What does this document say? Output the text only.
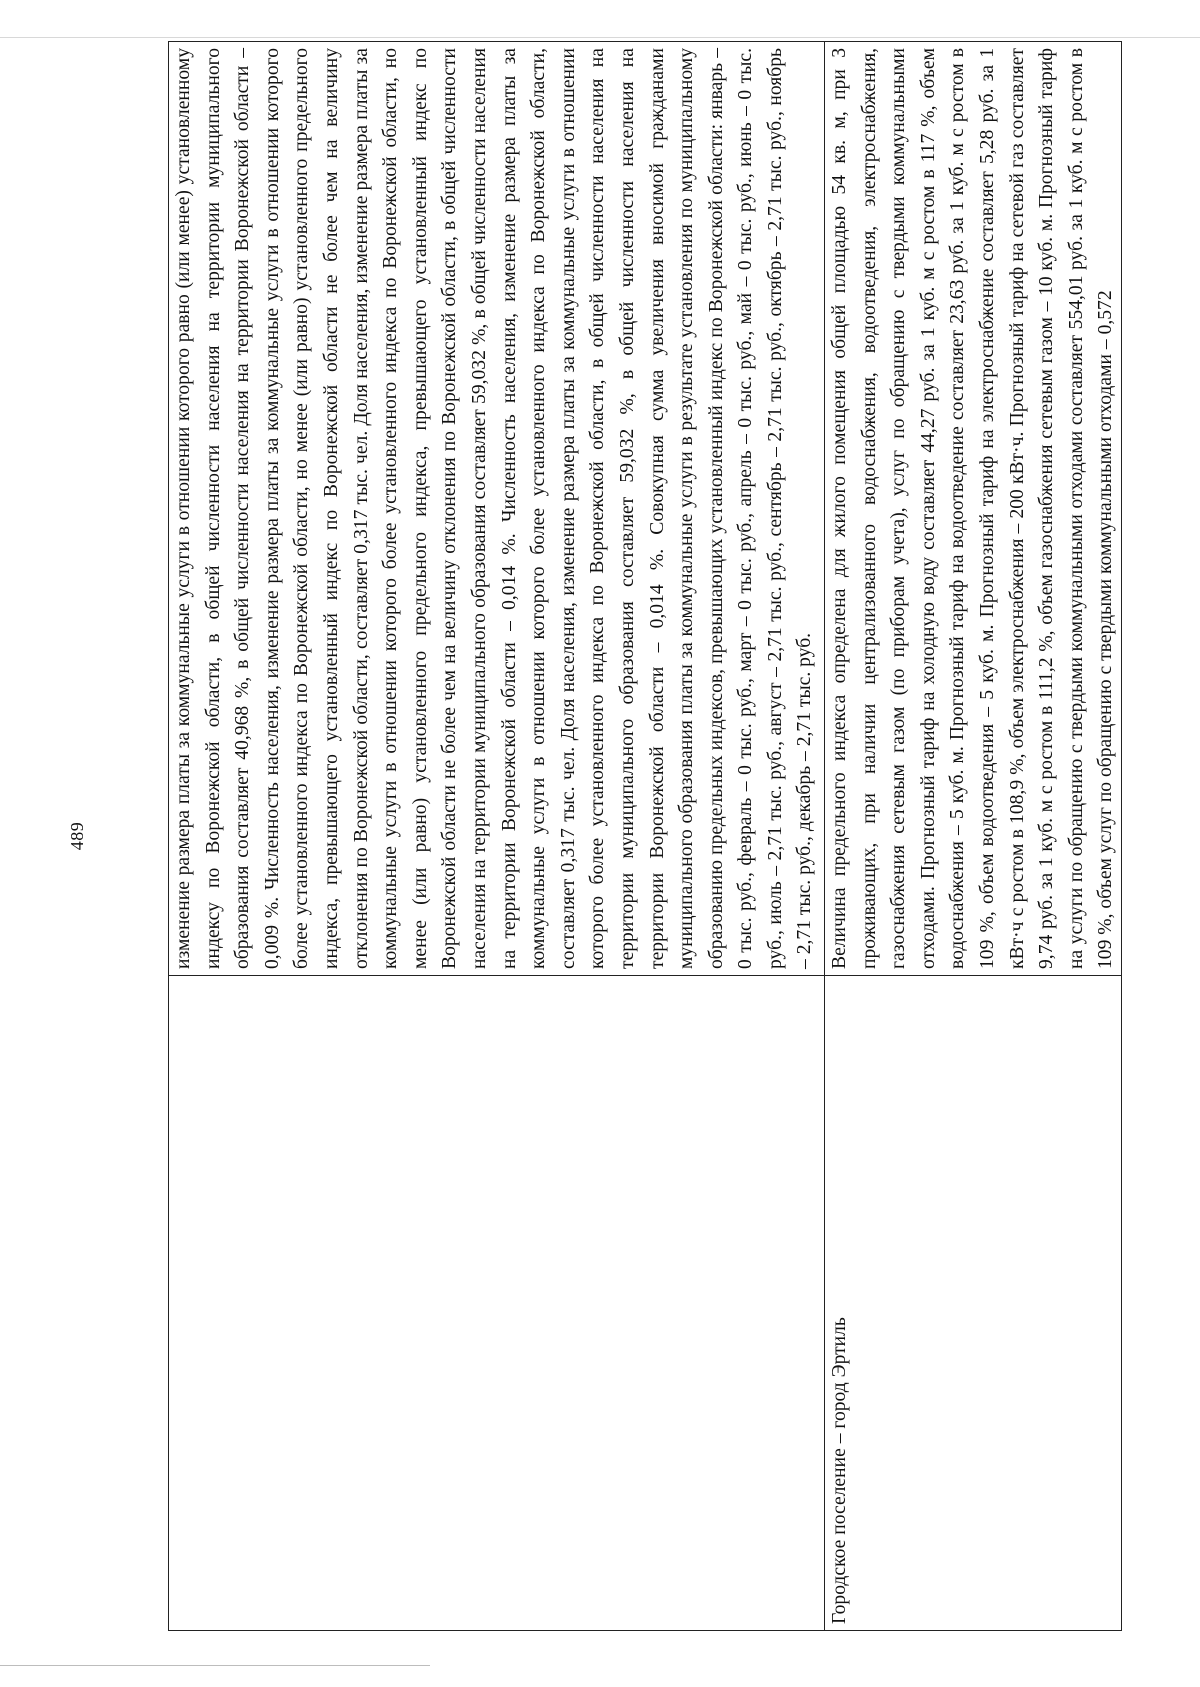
489
		изменение размера платы за коммунальные услуги в отношении которого равно (или менее) установленному индексу по Воронежской области, в общей численности населения на территории муниципального образования составляет 40,968 %, в общей численности населения на территории Воронежской области – 0,009 %. Численность населения, изменение размера платы за коммунальные услуги в отношении которого более установленного индекса по Воронежской области, но менее (или равно) установленного предельного индекса, превышающего установленный индекс по Воронежской области не более чем на величину отклонения по Воронежской области, составляет 0,317 тыс. чел. Доля населения, изменение размера платы за коммунальные услуги в отношении которого более установленного индекса по Воронежской области, но менее (или равно) установленного предельного индекса, превышающего установленный индекс по Воронежской области не более чем на величину отклонения по Воронежской области, в общей численности населения на территории муниципального образования составляет 59,032 %, в общей численности населения на территории Воронежской области – 0,014 %. Численность населения, изменение размера платы за коммунальные услуги в отношении которого более установленного индекса по Воронежской области, составляет 0,317 тыс. чел. Доля населения, изменение размера платы за коммунальные услуги в отношении которого более установленного индекса по Воронежской области, в общей численности населения на территории муниципального образования составляет 59,032 %, в общей численности населения на территории Воронежской области – 0,014 %. Совокупная сумма увеличения вносимой гражданами муниципального образования платы за коммунальные услуги в результате установления по муниципальному образованию предельных индексов, превышающих установленный индекс по Воронежской области: январь – 0 тыс. руб., февраль – 0 тыс. руб., март – 0 тыс. руб., апрель – 0 тыс. руб., май – 0 тыс. руб., июнь – 0 тыс. руб., июль – 2,71 тыс. руб., август – 2,71 тыс. руб., сентябрь – 2,71 тыс. руб., октябрь – 2,71 тыс. руб., ноябрь – 2,71 тыс. руб., декабрь – 2,71 тыс. руб.
Городское поселение – город Эртиль	Величина предельного индекса определена для жилого помещения общей площадью 54 кв. м, при 3 проживающих, при наличии централизованного водоснабжения, водоотведения, электроснабжения, газоснабжения сетевым газом (по приборам учета), услуг по обращению с твердыми коммунальными отходами. Прогнозный тариф на холодную воду составляет 44,27 руб. за 1 куб. м с ростом в 117 %, объем водоснабжения – 5 куб. м. Прогнозный тариф на водоотведение составляет 23,63 руб. за 1 куб. м с ростом в 109 %, объем водоотведения – 5 куб. м. Прогнозный тариф на электроснабжение составляет 5,28 руб. за 1 кВт·ч с ростом в 108,9 %, объем электроснабжения – 200 кВт·ч. Прогнозный тариф на сетевой газ составляет 9,74 руб. за 1 куб. м с ростом в 111,2 %, объем газоснабжения сетевым газом – 10 куб. м. Прогнозный тариф на услуги по обращению с твердыми коммунальными отходами составляет 554,01 руб. за 1 куб. м с ростом в 109 %, объем услуг по обращению с твердыми коммунальными отходами – 0,572
